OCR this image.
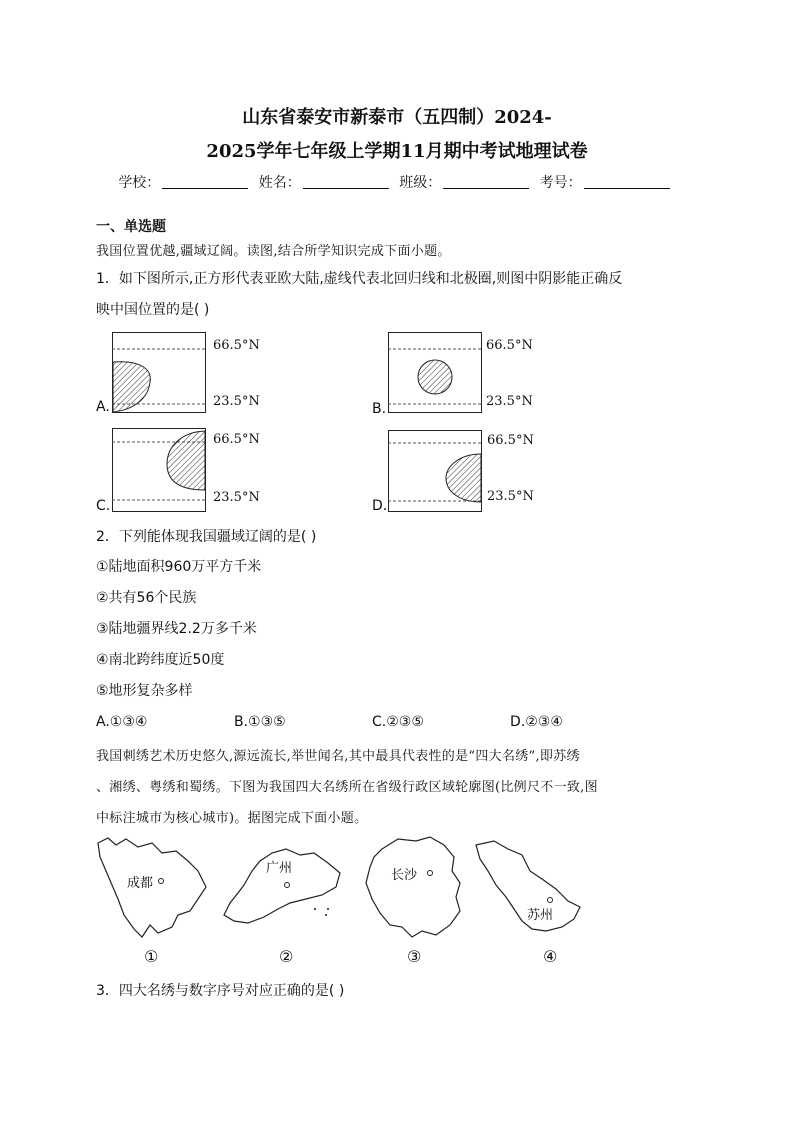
山东省泰安市新泰市（五四制）2024-
2025学年七年级上学期11月期中考试地理试卷
学校：	姓名：	班级：	考号：
一、单选题
我国位置优越,疆域辽阔。读图,结合所学知识完成下面小题。
1．如下图所示,正方形代表亚欧大陆,虚线代表北回归线和北极圈,则图中阴影能正确反
映中国位置的是( )
A.
66.5°N
23.5°N	B.
66.5°N
23.5°N
C.
66.5°N
23.5°N
D.
66.5°N
23.5°N
2．下列能体现我国疆域辽阔的是( )
①陆地面积960万平方千米
②共有56个民族
③陆地疆界线2.2万多千米
④南北跨纬度近50度
⑤地形复杂多样
A.①③④	B.①③⑤	C.②③⑤	D.②③④
我国刺绣艺术历史悠久,源远流长,举世闻名,其中最具代表性的是“四大名绣”,即苏绣
、湘绣、粤绣和蜀绣。下图为我国四大名绣所在省级行政区域轮廓图(比例尺不一致,图
中标注城市为核心城市)。据图完成下面小题。
成都
广州	长沙
苏州
①	②	③	④
3．四大名绣与数字序号对应正确的是( )
